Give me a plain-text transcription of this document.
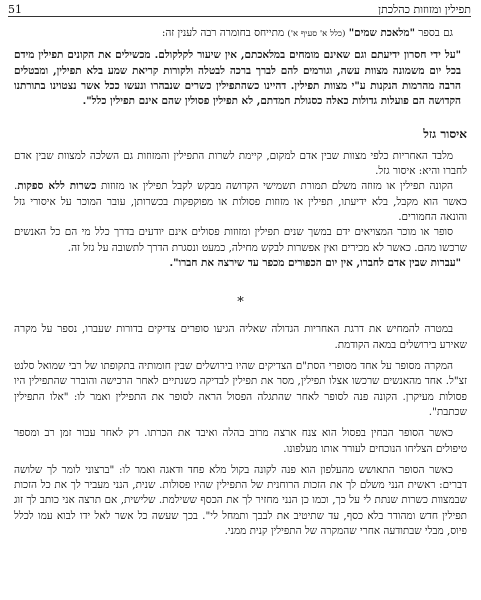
51	תפילין ומזוזות כהלכתן

גם בספר "מלאכת שמים" (כלל א' סעיף א') מתייחס בחומרה רבה לענין זה:

"על ידי חסרון ידיעתם וגם שאינם מומחים במלאכתם, אין שיעור לקלקולם. מכשילים את הקונים תפילין מידם בכל יום משמונה מצוות עשה, וגורמים להם לברך ברכה לבטלה ולקורות קריאת שמע בלא תפילין, ומבטלים הרבה מהרמות הנקנות ע"י מצוות תפילין. דהיינו כשהתפילין כשרים שנבהרו ונעשו ככל אשר נצטוינו בתורתנו הקדושה הם פועלות גדולות כאלה כסגולת חמדתם, לא תפילין פסולין שהם אינם תפילין כלל".

איסור גזל

מלבד האחריות כלפי מצוות שבין אדם למקום, קיימת לשרות התפילין והמזוזות גם השלכה למצוות שבין אדם לחברו והיא: איסור גזל.

הקונה תפילין או מזוזה משלם תמורת תשמישי הקדושה מבקש לקבל תפילין או מזוזות כשרות ללא ספקות. כאשר הוא מקבל, בלא ידיעתו, תפילין או מזוזות פסולות או מפוקפקות בכשרותן, עובר המוכר על איסורי גזל והונאה החמורים.

סופר או מוכר המצויאים ידם במשך שנים תפילין ומזוזות פסולים אינם יודעים בדרך כלל מי הם כל האנשים שרכשו מהם. כאשר לא מכירים ואין אפשרות לבקש מחילה, כמעט ונסגרת הדרך לתשובה על גזל זה.

"עברות שבין אדם לחברו, אין יום הכפורים מכפר עד שירצה את חברו".

*

במטרה להמחיש את דרגת האחריות הגדולה שאליה הגיעו סופרים צדיקים בדורות שעברו, נספר על מקרה שאירע בירושלים במאה הקודמת.

המקרה מסופר על אחד מסופרי הסת"ם הצדיקים שהיו בירושלים שבין חומותיה בתקופתו של רבי שמואל סלנט זצ"ל. אחד מהאנשים שרכשו אצלו תפילין, מסר את תפילין לבדיקה כשנתיים לאחר הרכישה והוברר שהתפילין היו פסולות מעיקרן. הקונה פנה לסופר לאחר שהתגלה הפסול הראה לסופר את התפילין ואמר לו: "אלו התפילין שכתבת".

כאשר הסופר הבחין בפסול הוא צנח ארצה מרוב בהלה ואיבד את הכרתו. רק לאחר עבור זמן רב ומספר טיפולים הצליחו הנוכחים לעורר אותו מעלפונו.

כאשר הסופר התאושש מהעלפון הוא פנה לקונה בקול מלא פחד ודאגה ואמר לו: "ברצוני לומר לך שלושה דברים: ראשית הנני משלם לך את הזכות הרוחנית של התפילין שהיו פסולות. שנית, הנני מעביר לך את כל הזכות שבמצוות כשרות שנתת לי על כך, וכמו כן הנני מחזיר לך את הכסף ששילמת. שלישית, אם תרצה אני כותב לך זוג תפילין חדש ומהודר בלא כסף, עד שתיטיב את לבבך ותמחל לי". בכך שעשה כל אשר לאל ידו לבוא עמו לכלל פיוס, מבלי שבתודעה אחרי שהמקרה של התפילין קנית ממני.
